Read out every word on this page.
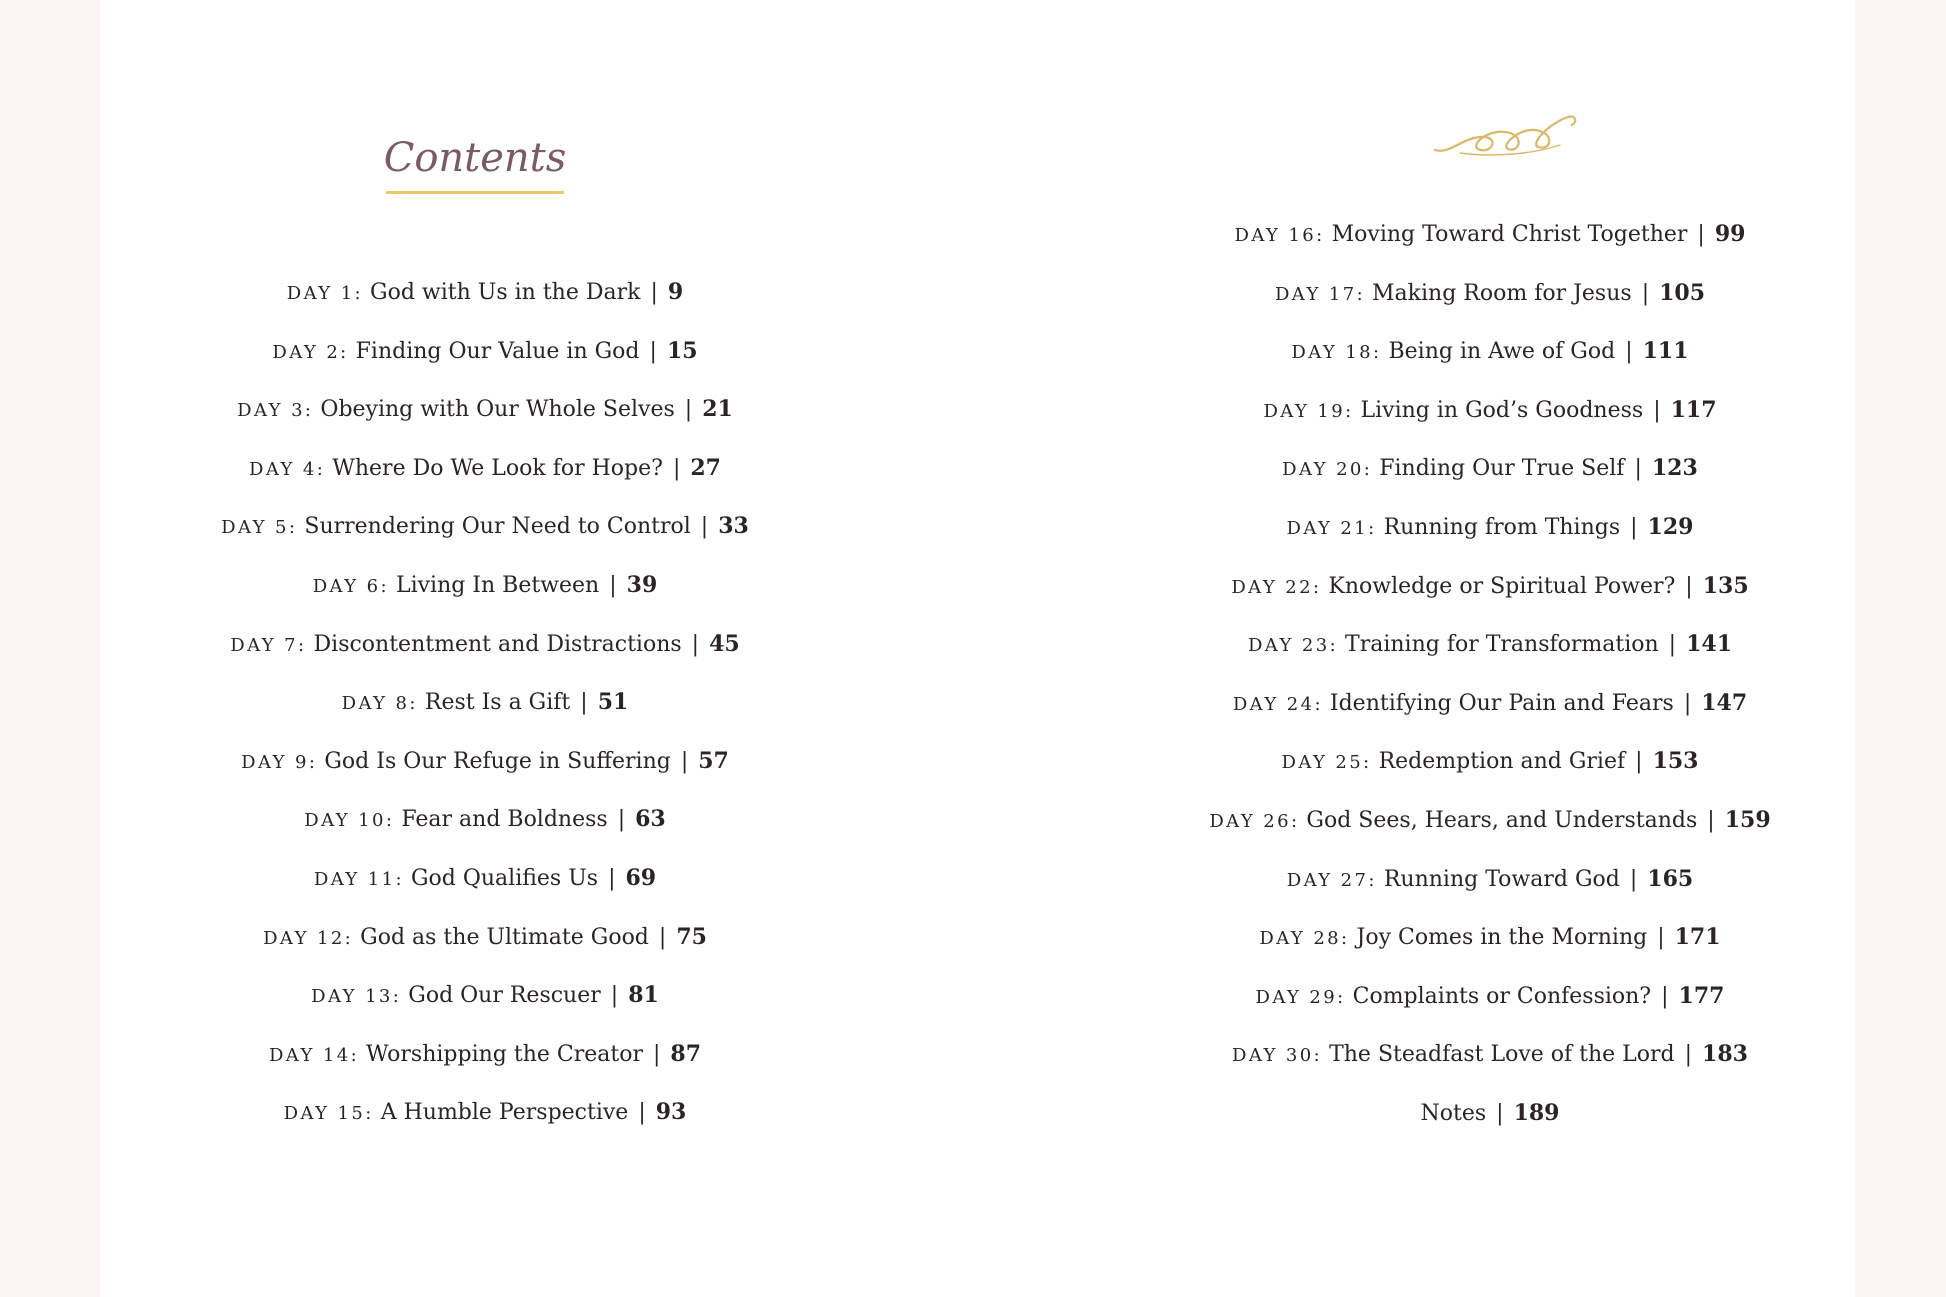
Contents
DAY 1: God with Us in the Dark | 9
DAY 2: Finding Our Value in God | 15
DAY 3: Obeying with Our Whole Selves | 21
DAY 4: Where Do We Look for Hope? | 27
DAY 5: Surrendering Our Need to Control | 33
DAY 6: Living In Between | 39
DAY 7: Discontentment and Distractions | 45
DAY 8: Rest Is a Gift | 51
DAY 9: God Is Our Refuge in Suffering | 57
DAY 10: Fear and Boldness | 63
DAY 11: God Qualifies Us | 69
DAY 12: God as the Ultimate Good | 75
DAY 13: God Our Rescuer | 81
DAY 14: Worshipping the Creator | 87
DAY 15: A Humble Perspective | 93
DAY 16: Moving Toward Christ Together | 99
DAY 17: Making Room for Jesus | 105
DAY 18: Being in Awe of God | 111
DAY 19: Living in God’s Goodness | 117
DAY 20: Finding Our True Self | 123
DAY 21: Running from Things | 129
DAY 22: Knowledge or Spiritual Power? | 135
DAY 23: Training for Transformation | 141
DAY 24: Identifying Our Pain and Fears | 147
DAY 25: Redemption and Grief | 153
DAY 26: God Sees, Hears, and Understands | 159
DAY 27: Running Toward God | 165
DAY 28: Joy Comes in the Morning | 171
DAY 29: Complaints or Confession? | 177
DAY 30: The Steadfast Love of the Lord | 183
Notes | 189
